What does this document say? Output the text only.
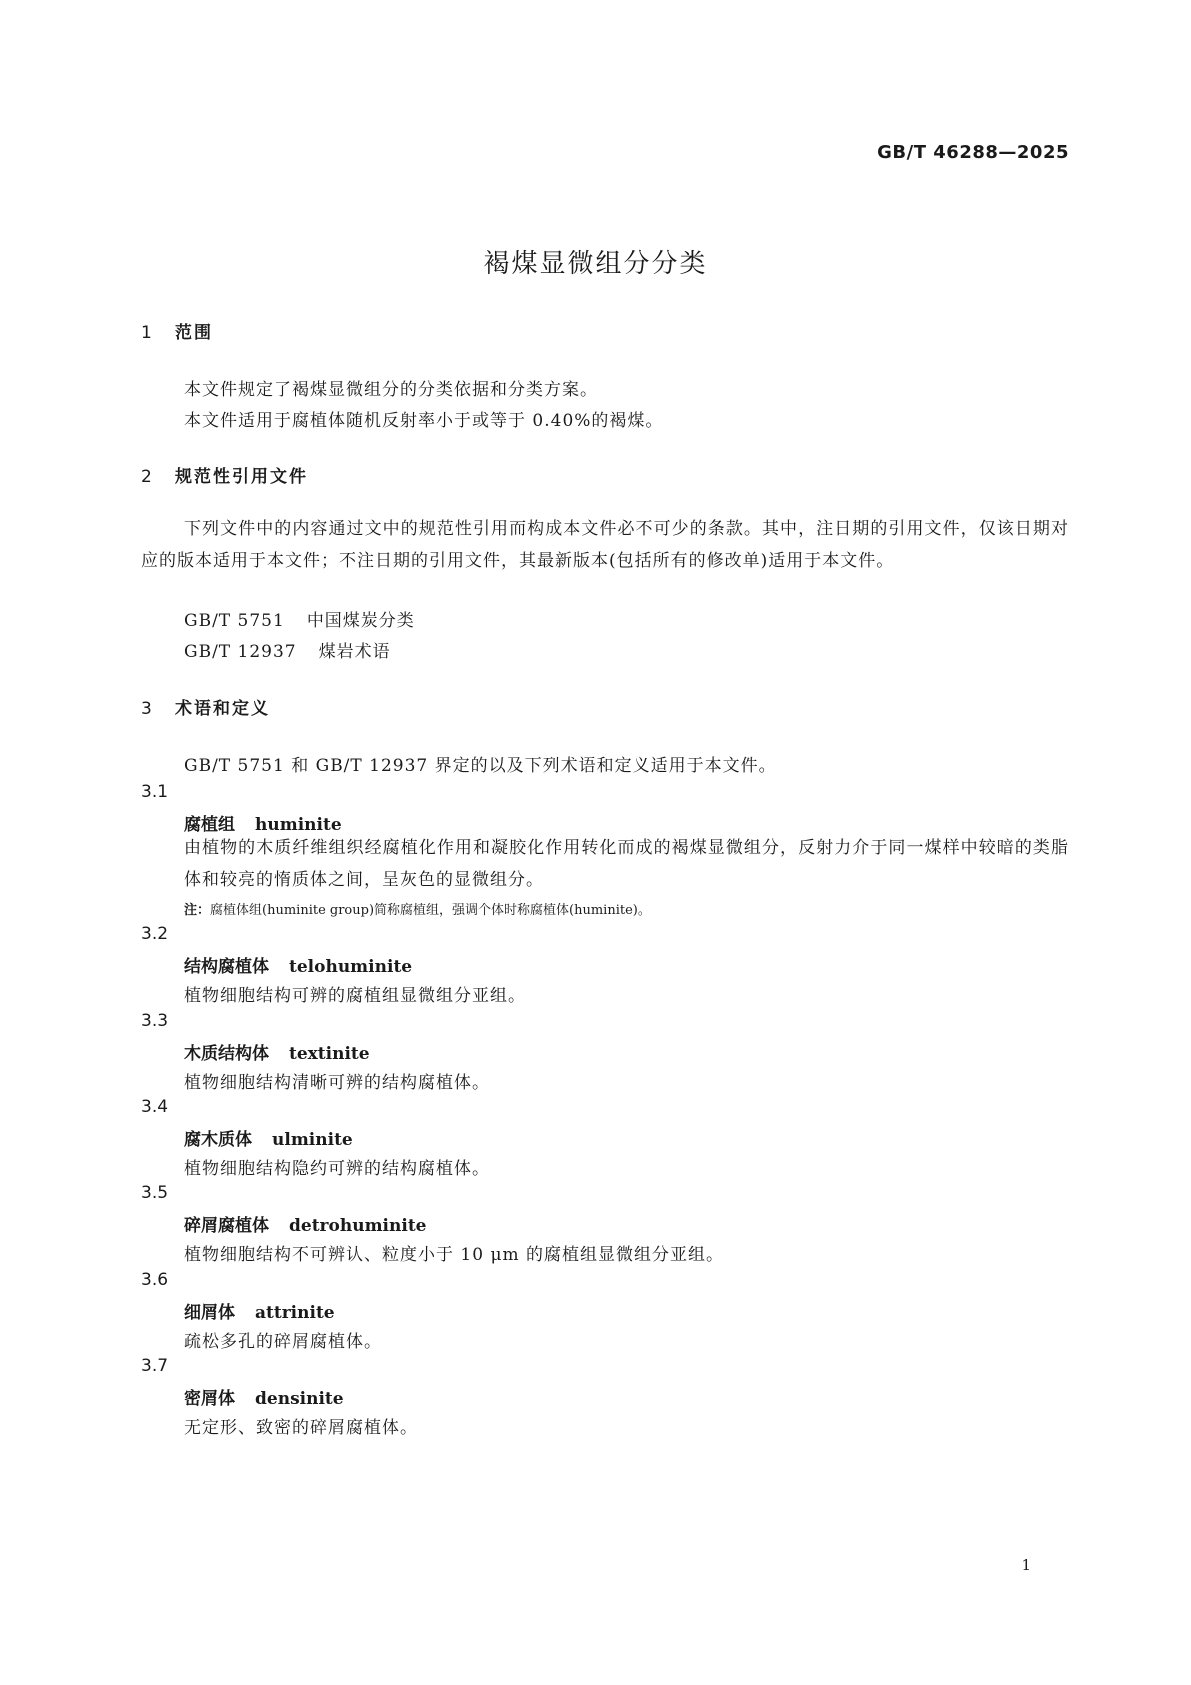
GB/T 46288—2025
褐煤显微组分分类
1 范围
本文件规定了褐煤显微组分的分类依据和分类方案。
本文件适用于腐植体随机反射率小于或等于 0.40%的褐煤。
2 规范性引用文件
下列文件中的内容通过文中的规范性引用而构成本文件必不可少的条款。其中，注日期的引用文件，仅该日期对应的版本适用于本文件；不注日期的引用文件，其最新版本(包括所有的修改单)适用于本文件。
GB/T 5751 中国煤炭分类
GB/T 12937 煤岩术语
3 术语和定义
GB/T 5751 和 GB/T 12937 界定的以及下列术语和定义适用于本文件。
3.1
腐植组 huminite
由植物的木质纤维组织经腐植化作用和凝胶化作用转化而成的褐煤显微组分，反射力介于同一煤样中较暗的类脂体和较亮的惰质体之间，呈灰色的显微组分。
注：腐植体组(huminite group)简称腐植组，强调个体时称腐植体(huminite)。
3.2
结构腐植体 telohuminite
植物细胞结构可辨的腐植组显微组分亚组。
3.3
木质结构体 textinite
植物细胞结构清晰可辨的结构腐植体。
3.4
腐木质体 ulminite
植物细胞结构隐约可辨的结构腐植体。
3.5
碎屑腐植体 detrohuminite
植物细胞结构不可辨认、粒度小于 10 μm 的腐植组显微组分亚组。
3.6
细屑体 attrinite
疏松多孔的碎屑腐植体。
3.7
密屑体 densinite
无定形、致密的碎屑腐植体。
1
